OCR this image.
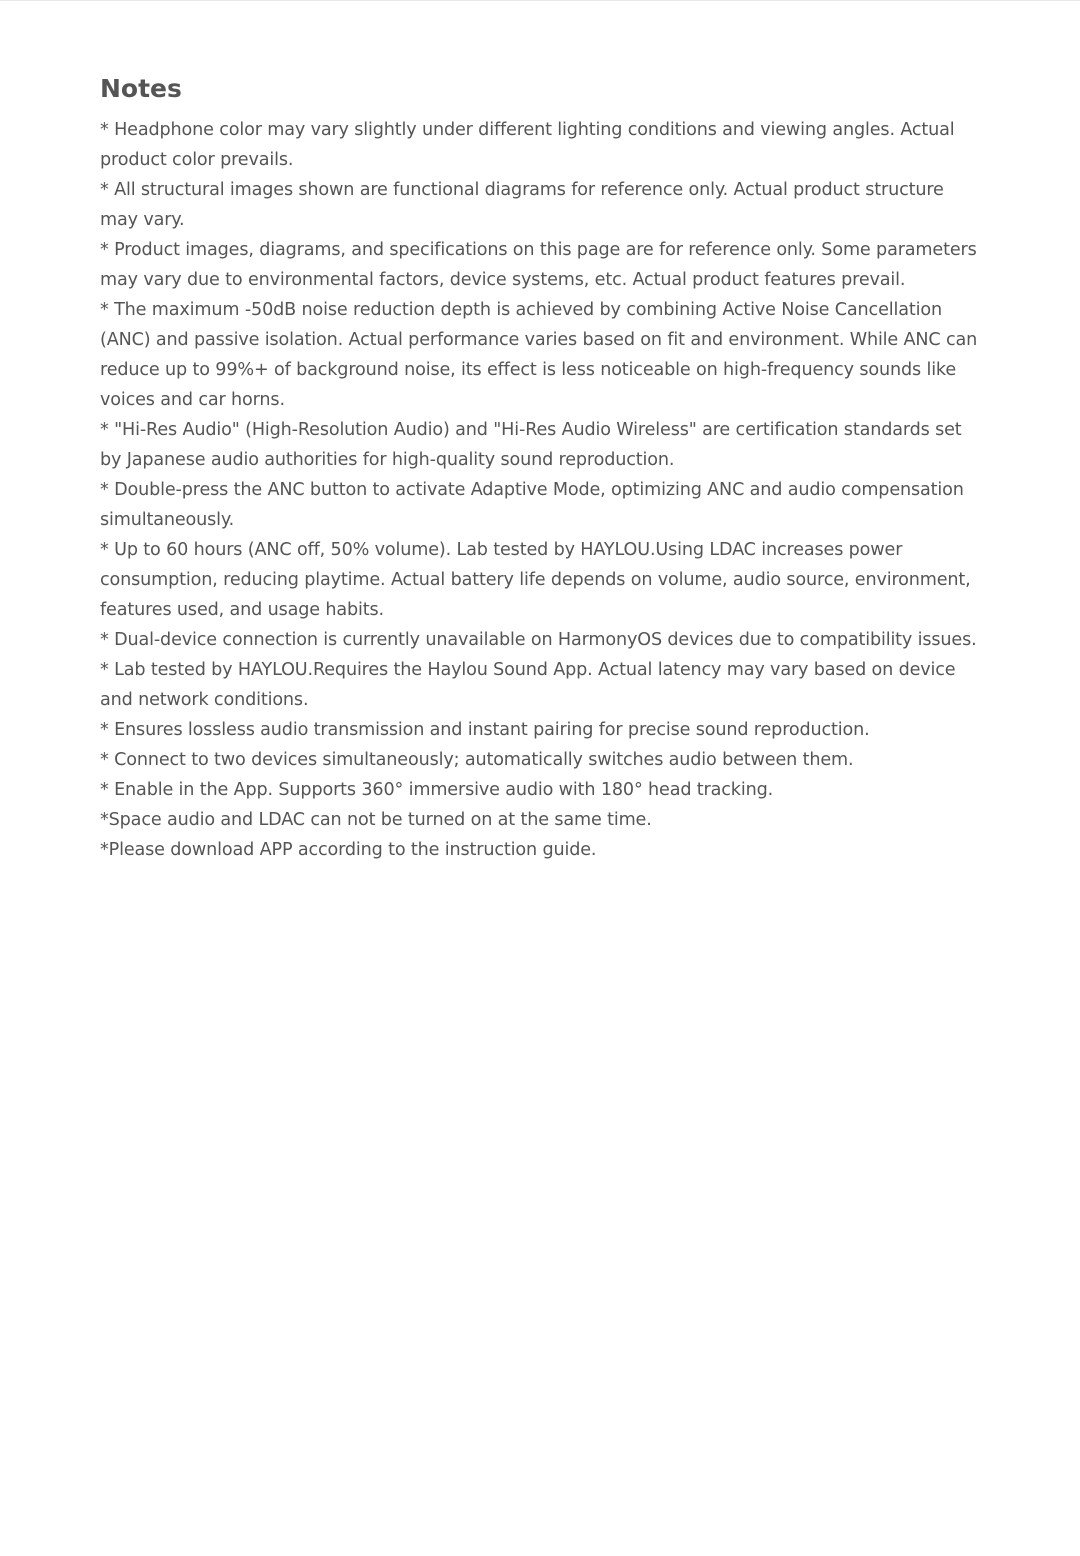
Notes
* Headphone color may vary slightly under different lighting conditions and viewing angles. Actual product color prevails.
* All structural images shown are functional diagrams for reference only. Actual product structure may vary.
* Product images, diagrams, and specifications on this page are for reference only. Some parameters may vary due to environmental factors, device systems, etc. Actual product features prevail.
* The maximum -50dB noise reduction depth is achieved by combining Active Noise Cancellation (ANC) and passive isolation. Actual performance varies based on fit and environment. While ANC can reduce up to 99%+ of background noise, its effect is less noticeable on high-frequency sounds like voices and car horns.
* "Hi-Res Audio" (High-Resolution Audio) and "Hi-Res Audio Wireless" are certification standards set by Japanese audio authorities for high-quality sound reproduction.
* Double-press the ANC button to activate Adaptive Mode, optimizing ANC and audio compensation simultaneously.
* Up to 60 hours (ANC off, 50% volume). Lab tested by HAYLOU.Using LDAC increases power consumption, reducing playtime. Actual battery life depends on volume, audio source, environment, features used, and usage habits.
* Dual-device connection is currently unavailable on HarmonyOS devices due to compatibility issues.
* Lab tested by HAYLOU.Requires the Haylou Sound App. Actual latency may vary based on device and network conditions.
* Ensures lossless audio transmission and instant pairing for precise sound reproduction.
* Connect to two devices simultaneously; automatically switches audio between them.
* Enable in the App. Supports 360° immersive audio with 180° head tracking.
*Space audio and LDAC can not be turned on at the same time.
*Please download APP according to the instruction guide.
